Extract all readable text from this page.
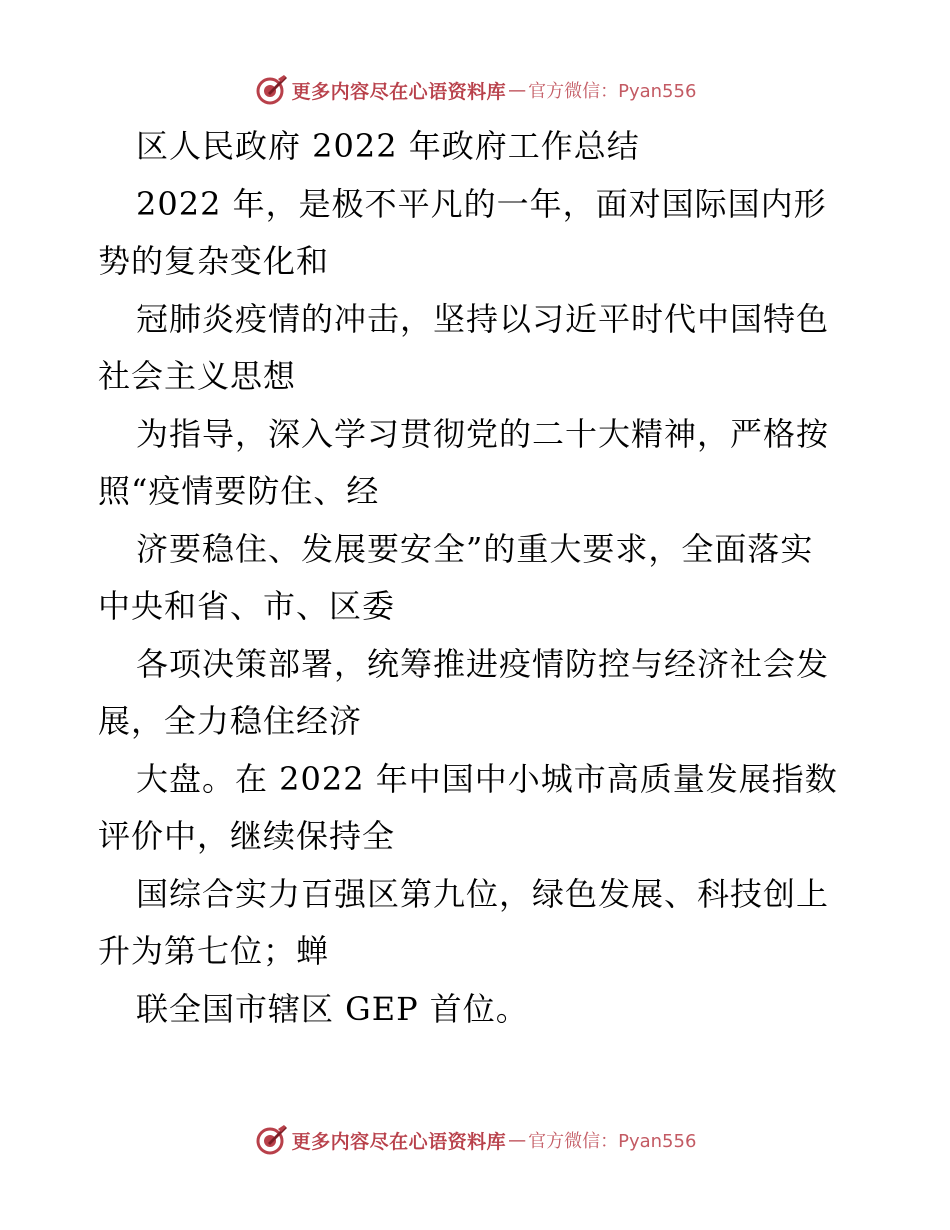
更多内容尽在心语资料库 — 官方微信：Pyan556
区人民政府 2022 年政府工作总结
2022 年，是极不平凡的一年，面对国际国内形
势的复杂变化和
冠肺炎疫情的冲击，坚持以习近平时代中国特色
社会主义思想
为指导，深入学习贯彻党的二十大精神，严格按
照“疫情要防住、经
济要稳住、发展要安全”的重大要求，全面落实
中央和省、市、区委
各项决策部署，统筹推进疫情防控与经济社会发
展，全力稳住经济
大盘。在 2022 年中国中小城市高质量发展指数
评价中，继续保持全
国综合实力百强区第九位，绿色发展、科技创上
升为第七位；蝉
联全国市辖区 GEP 首位。
更多内容尽在心语资料库 — 官方微信：Pyan556
